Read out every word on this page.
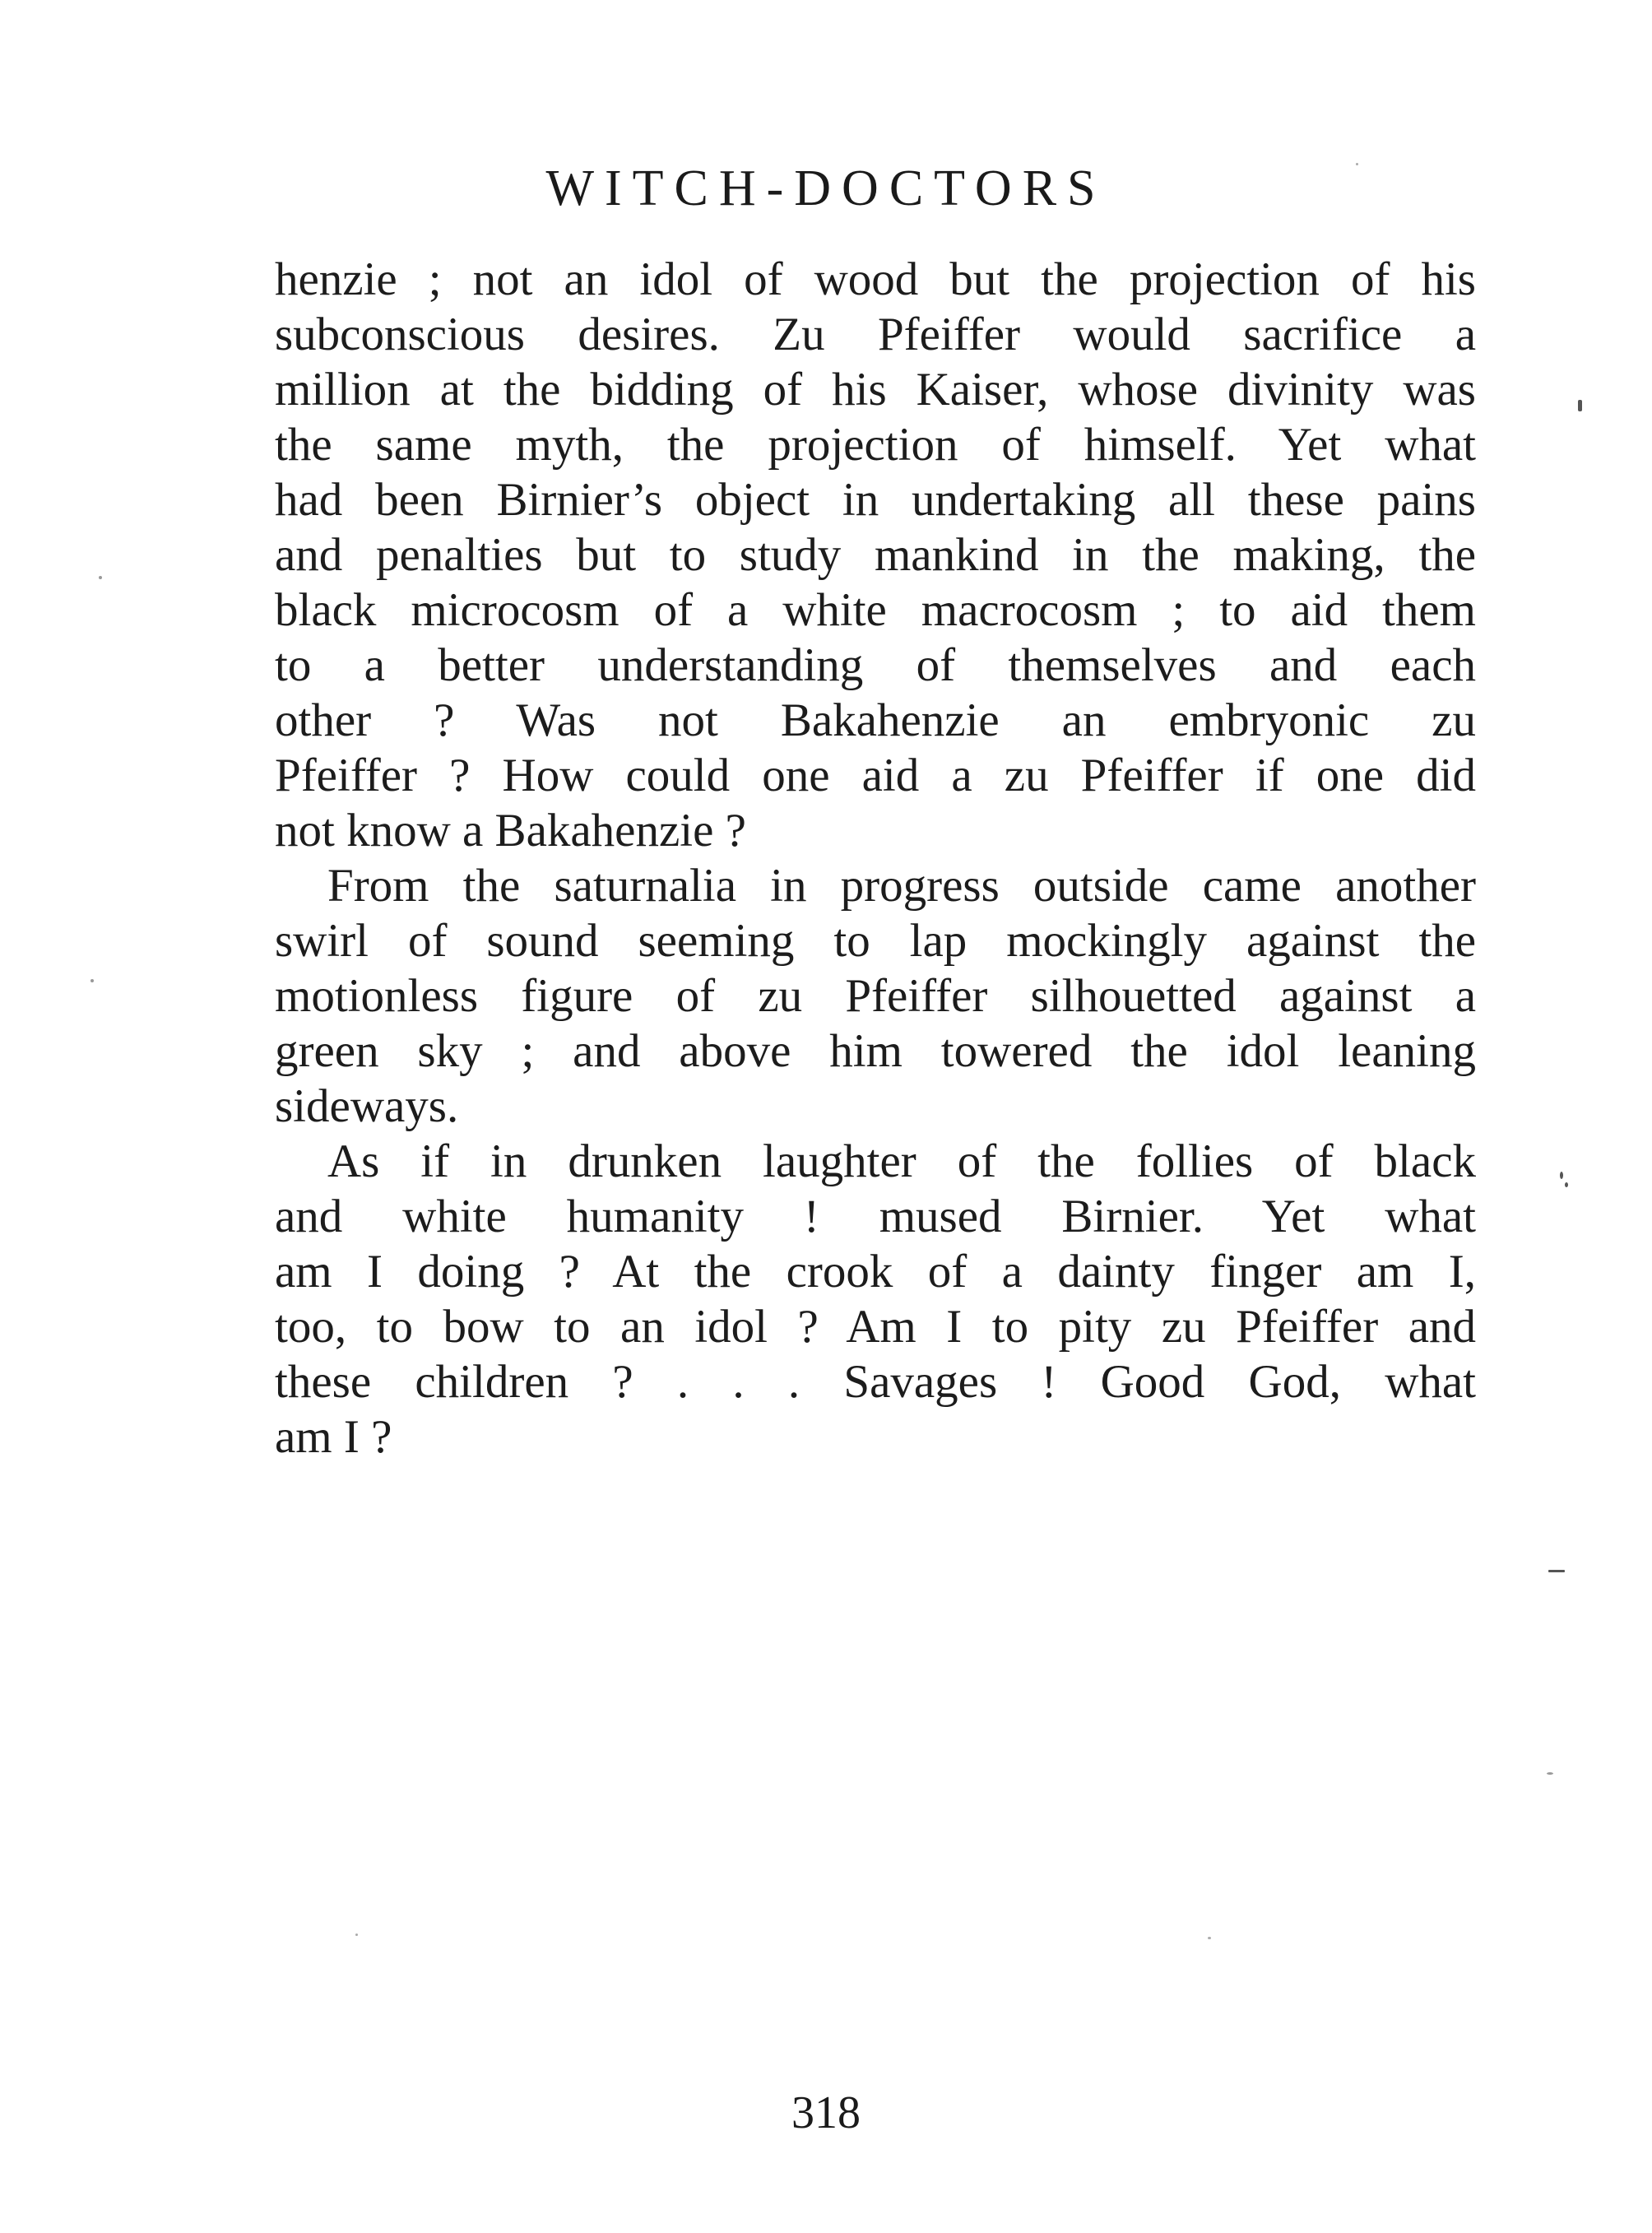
WITCH-DOCTORS
henzie ; not an idol of wood but the projection of his
subconscious desires. Zu Pfeiffer would sacrifice a
million at the bidding of his Kaiser, whose divinity was
the same myth, the projection of himself. Yet what
had been Birnier’s object in undertaking all these pains
and penalties but to study mankind in the making, the
black microcosm of a white macrocosm ; to aid them
to a better understanding of themselves and each
other ? Was not Bakahenzie an embryonic zu
Pfeiffer ? How could one aid a zu Pfeiffer if one did
not know a Bakahenzie ?
From the saturnalia in progress outside came another
swirl of sound seeming to lap mockingly against the
motionless figure of zu Pfeiffer silhouetted against a
green sky ; and above him towered the idol leaning
sideways.
As if in drunken laughter of the follies of black
and white humanity ! mused Birnier. Yet what
am I doing ? At the crook of a dainty finger am I,
too, to bow to an idol ? Am I to pity zu Pfeiffer and
these children ? . . . Savages ! Good God, what
am I ?
318
